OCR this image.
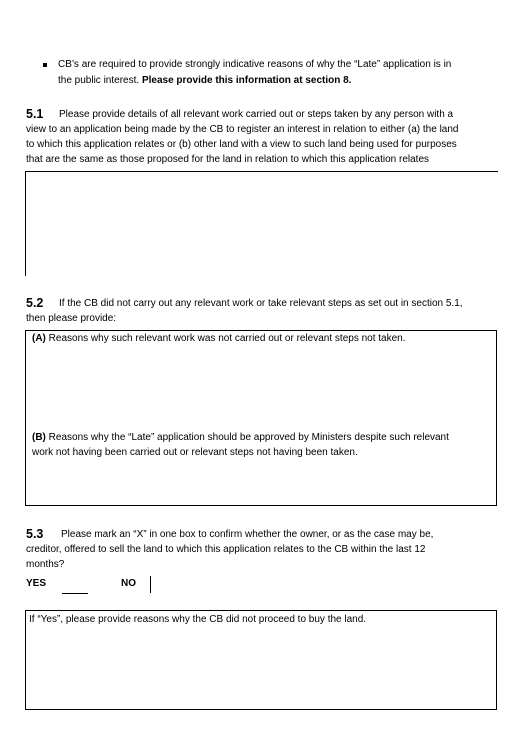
CB’s are required to provide strongly indicative reasons of why the “Late” application is in
the public interest. Please provide this information at section 8.
5.1 Please provide details of all relevant work carried out or steps taken by any person with a
view to an application being made by the CB to register an interest in relation to either (a) the land
to which this application relates or (b) other land with a view to such land being used for purposes
that are the same as those proposed for the land in relation to which this application relates
5.2 If the CB did not carry out any relevant work or take relevant steps as set out in section 5.1,
then please provide:
(A) Reasons why such relevant work was not carried out or relevant steps not taken.
(B) Reasons why the “Late” application should be approved by Ministers despite such relevant
work not having been carried out or relevant steps not having been taken.
5.3 Please mark an “X” in one box to confirm whether the owner, or as the case may be,
creditor, offered to sell the land to which this application relates to the CB within the last 12
months?
YES	NO
If “Yes”, please provide reasons why the CB did not proceed to buy the land.
